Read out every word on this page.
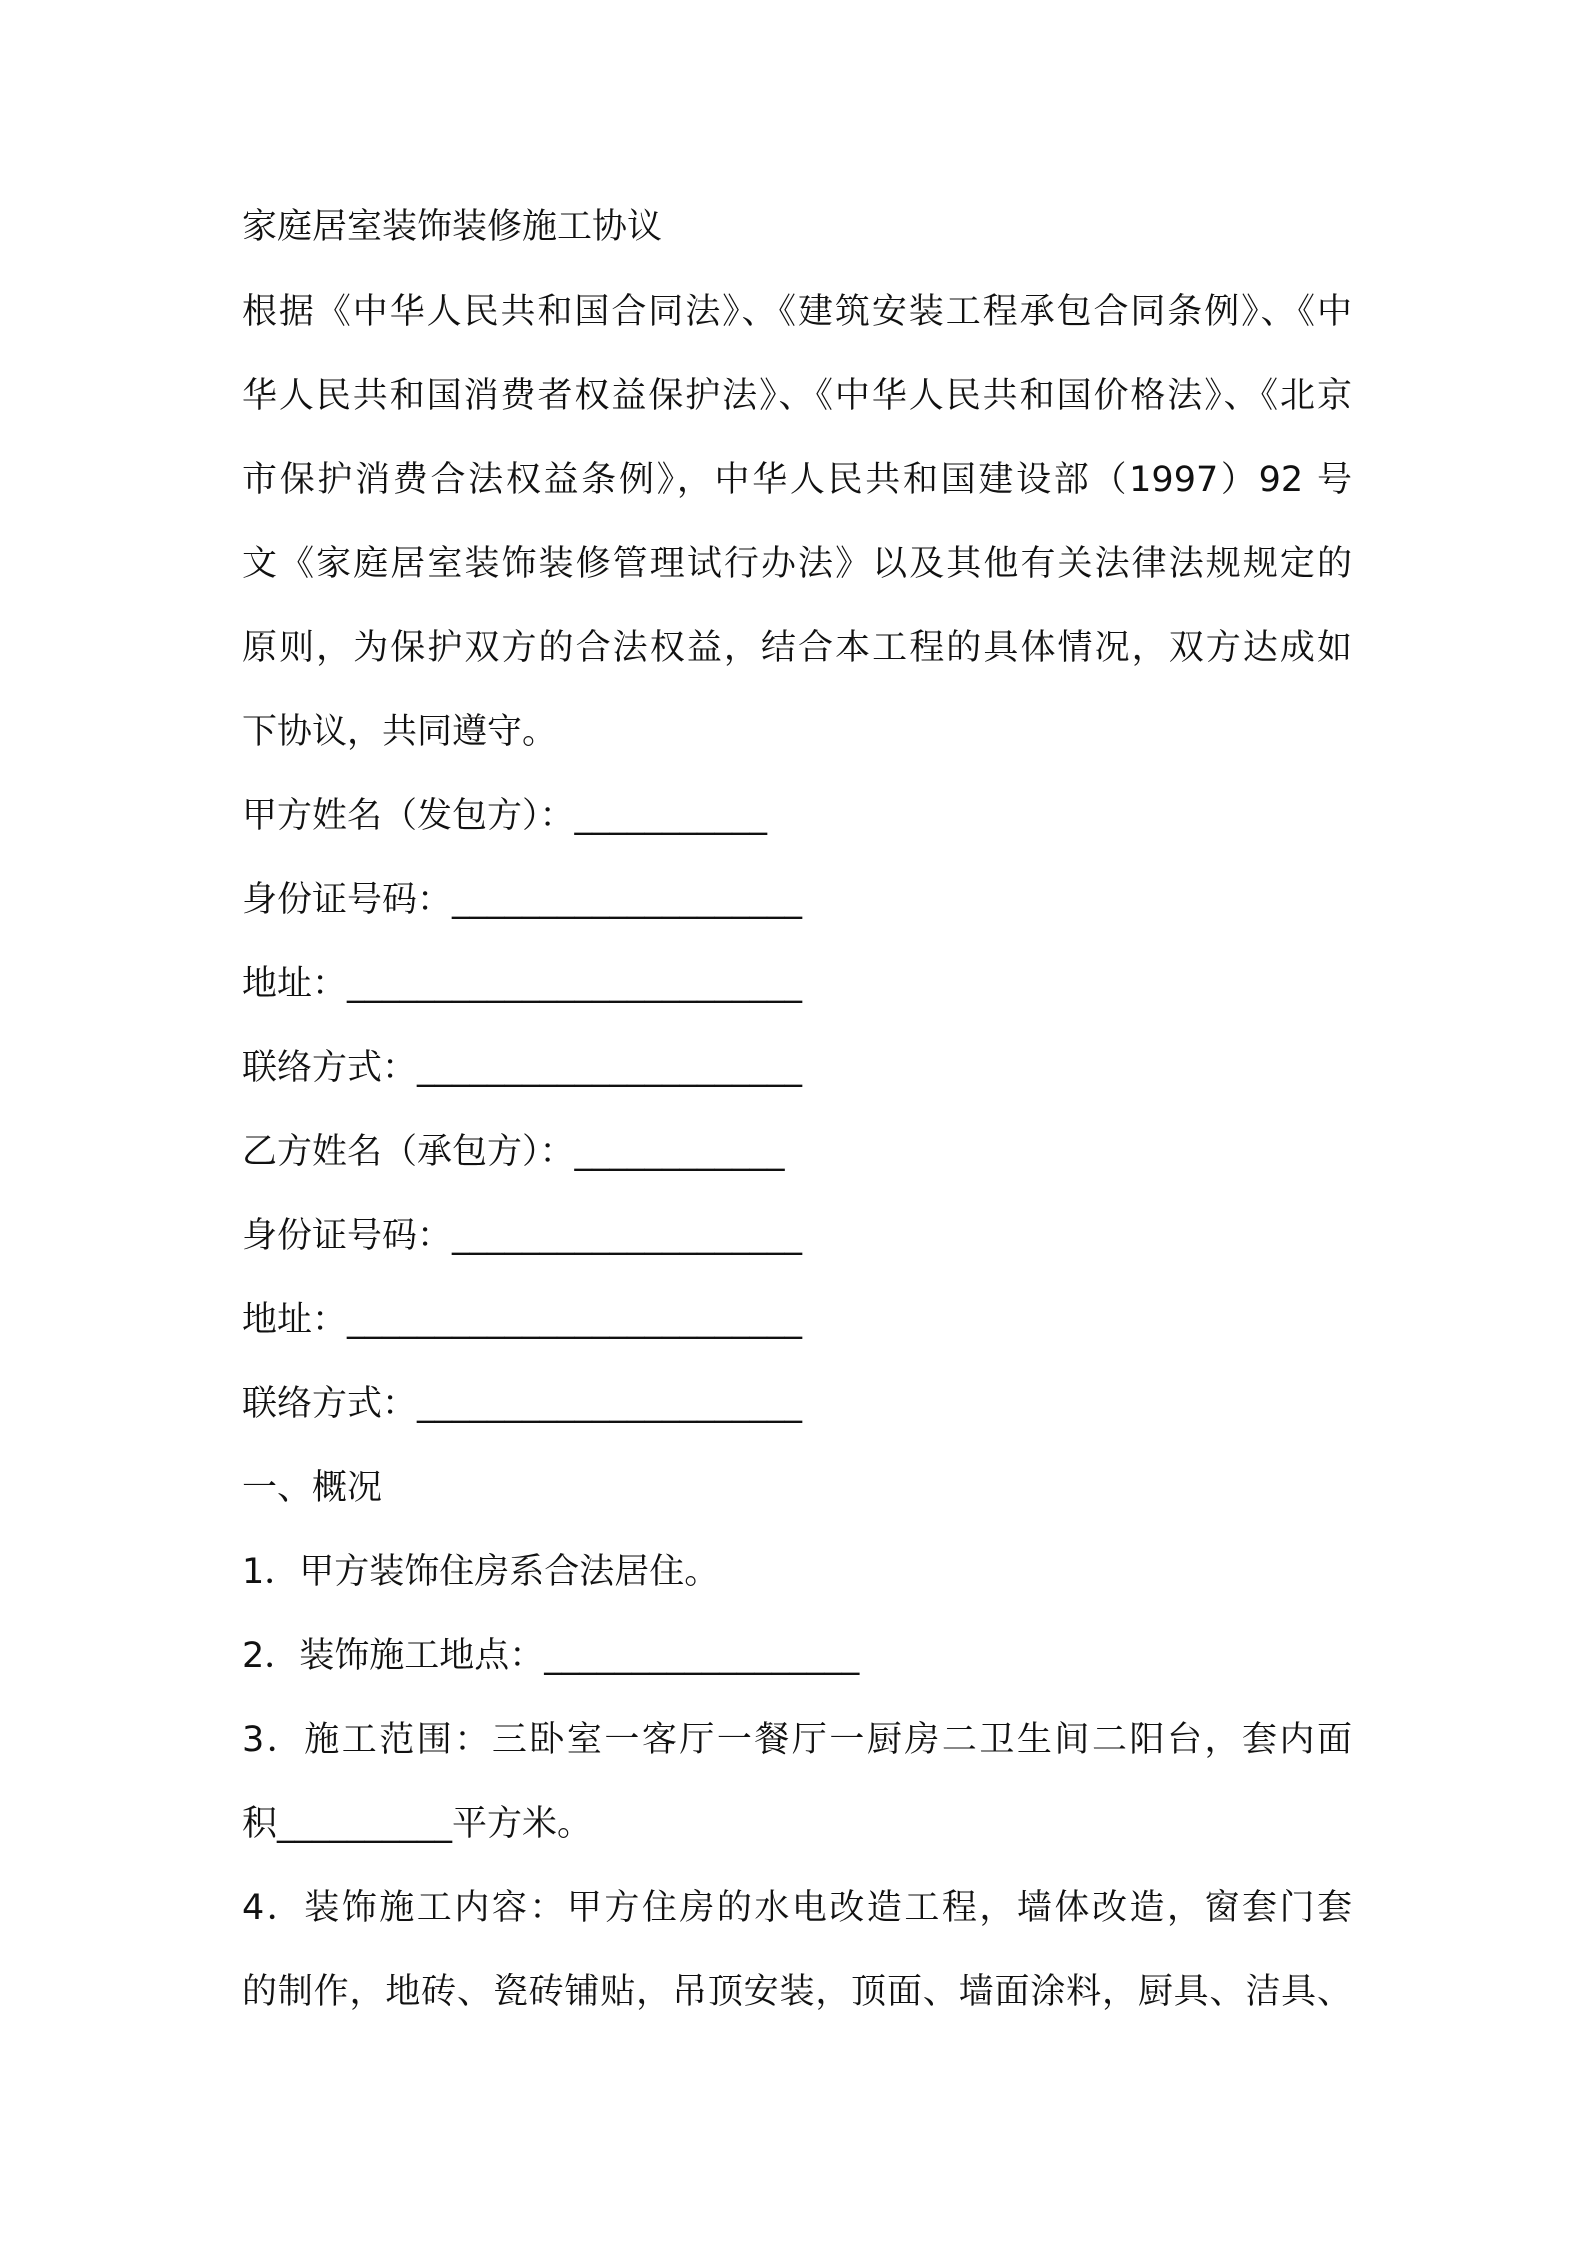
家庭居室装饰装修施工协议
根据《中华人民共和国合同法》、《建筑安装工程承包合同条例》、《中
华人民共和国消费者权益保护法》、《中华人民共和国价格法》、《北京
市保护消费合法权益条例》，中华人民共和国建设部（1997）92 号
文《家庭居室装饰装修管理试行办法》以及其他有关法律法规规定的
原则，为保护双方的合法权益，结合本工程的具体情况，双方达成如
下协议，共同遵守。
甲方姓名（发包方）：___________
身份证号码：____________________
地址：__________________________
联络方式：______________________
乙方姓名（承包方）：____________
身份证号码：____________________
地址：__________________________
联络方式：______________________
一、概况
1．甲方装饰住房系合法居住。
2．装饰施工地点：__________________
3．施工范围：三卧室一客厅一餐厅一厨房二卫生间二阳台，套内面
积__________平方米。
4．装饰施工内容：甲方住房的水电改造工程，墙体改造，窗套门套
的制作，地砖、瓷砖铺贴，吊顶安装，顶面、墙面涂料，厨具、洁具、
